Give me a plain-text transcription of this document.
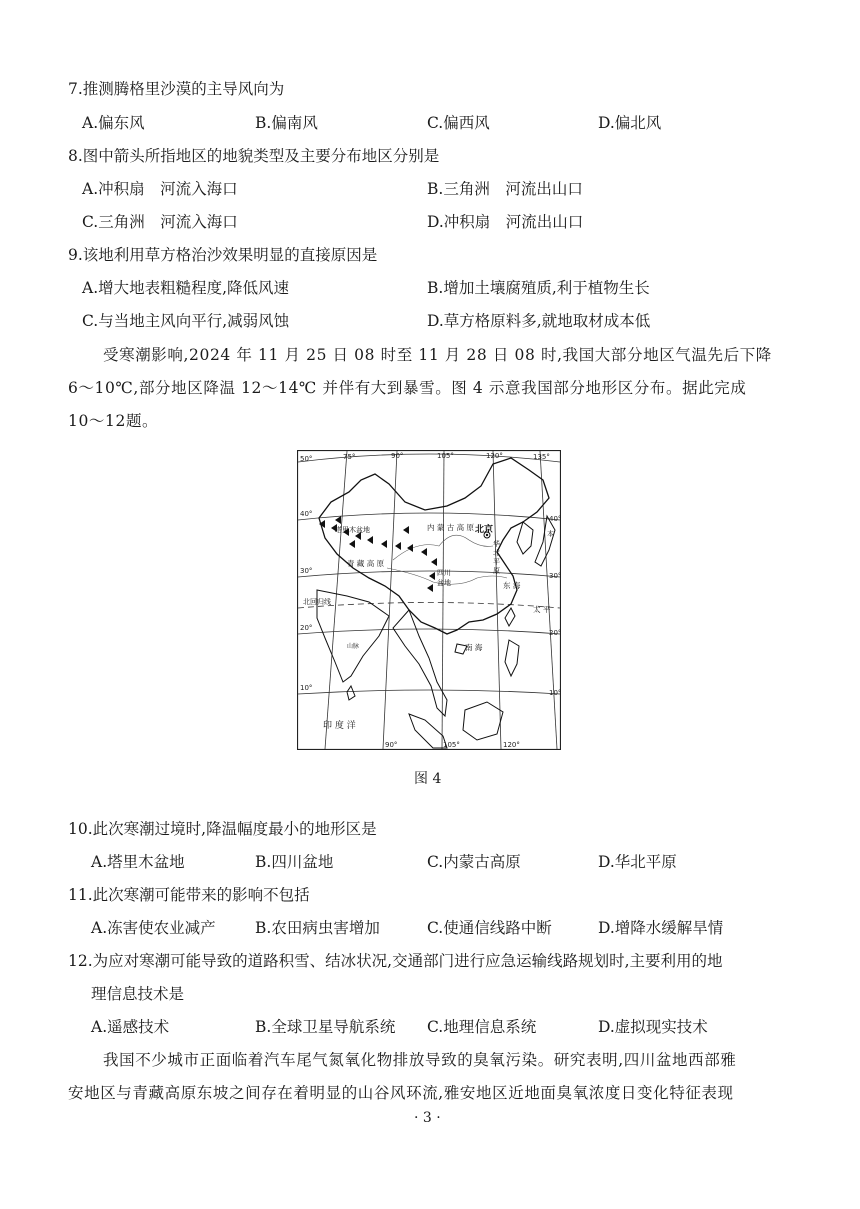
7.推测腾格里沙漠的主导风向为
A.偏东风	B.偏南风	C.偏西风	D.偏北风
8.图中箭头所指地区的地貌类型及主要分布地区分别是
A.冲积扇　河流入海口	B.三角洲　河流出山口
C.三角洲　河流入海口	D.冲积扇　河流出山口
9.该地利用草方格治沙效果明显的直接原因是
A.增大地表粗糙程度,降低风速	B.增加土壤腐殖质,利于植物生长
C.与当地主风向平行,减弱风蚀	D.草方格原料多,就地取材成本低
受寒潮影响,2024 年 11 月 25 日 08 时至 11 月 28 日 08 时,我国大部分地区气温先后下降
6～10℃,部分地区降温 12～14℃ 并伴有大到暴雪。图 4 示意我国部分地形区分布。据此完成
10～12题。
75°	90°	105°	120°	135°
50°
40°
30°
20°
10°
40°
30°
20°
10°
90°	105°	120°
塔里木盆地	内 蒙 古 高 原 北京
青 藏 高 原
四川
盆地
北回归线
东 海
南 海
印 度 洋
太 平
山脉
本
华
北
平
原
图 4
10.此次寒潮过境时,降温幅度最小的地形区是
A.塔里木盆地	B.四川盆地	C.内蒙古高原	D.华北平原
11.此次寒潮可能带来的影响不包括
A.冻害使农业减产	B.农田病虫害增加	C.使通信线路中断	D.增降水缓解旱情
12.为应对寒潮可能导致的道路积雪、结冰状况,交通部门进行应急运输线路规划时,主要利用的地
理信息技术是
A.遥感技术	B.全球卫星导航系统 C.地理信息系统	D.虚拟现实技术
我国不少城市正面临着汽车尾气氮氧化物排放导致的臭氧污染。研究表明,四川盆地西部雅
安地区与青藏高原东坡之间存在着明显的山谷风环流,雅安地区近地面臭氧浓度日变化特征表现
· 3 ·
